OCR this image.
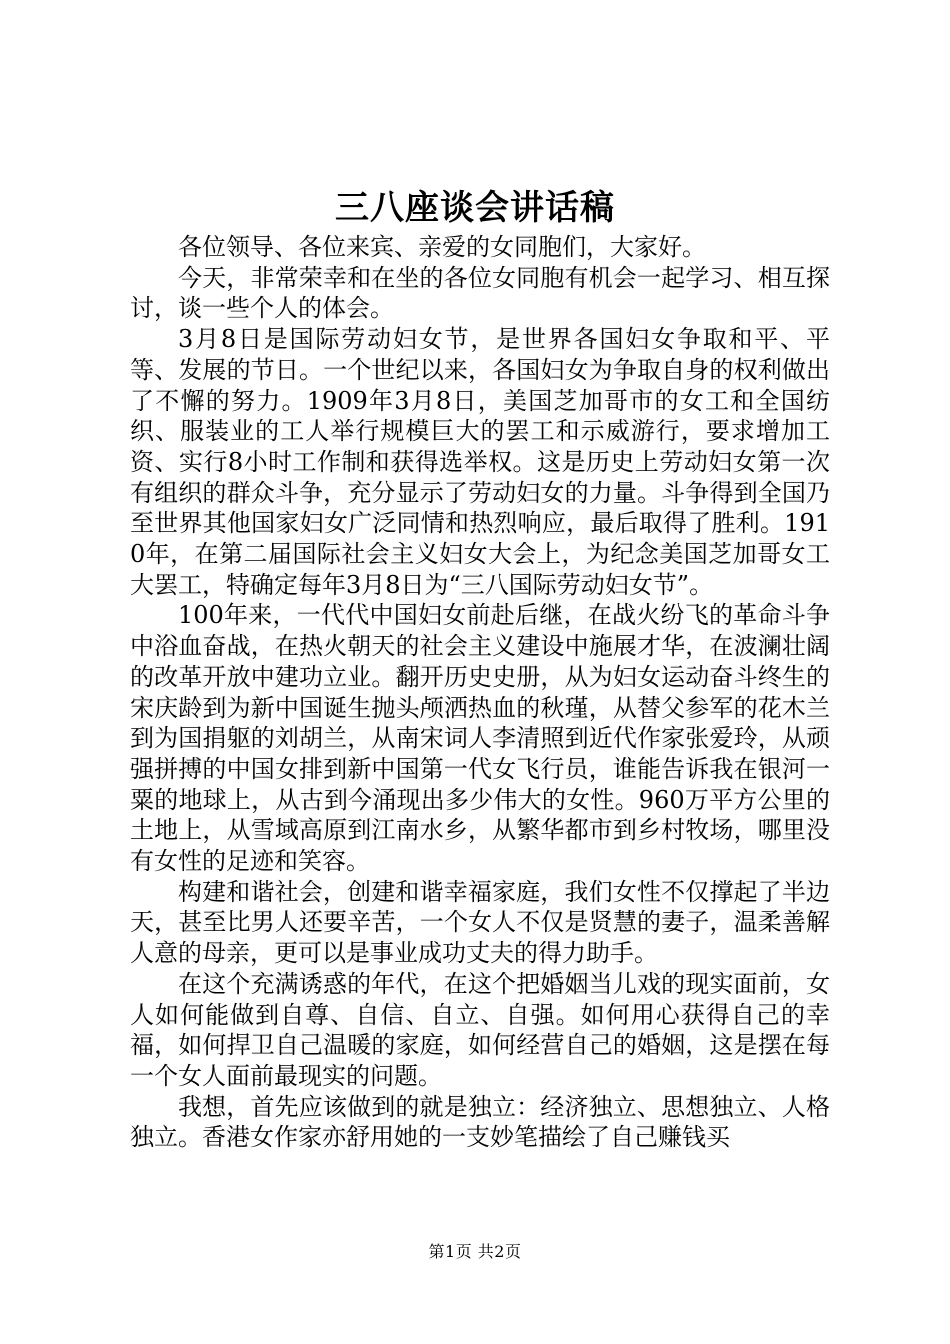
三八座谈会讲话稿

各位领导、各位来宾、亲爱的女同胞们，大家好。

今天，非常荣幸和在坐的各位女同胞有机会一起学习、相互探讨，谈一些个人的体会。

3月8日是国际劳动妇女节，是世界各国妇女争取和平、平等、发展的节日。一个世纪以来，各国妇女为争取自身的权利做出了不懈的努力。1909年3月8日，美国芝加哥市的女工和全国纺织、服装业的工人举行规模巨大的罢工和示威游行，要求增加工资、实行8小时工作制和获得选举权。这是历史上劳动妇女第一次有组织的群众斗争，充分显示了劳动妇女的力量。斗争得到全国乃至世界其他国家妇女广泛同情和热烈响应，最后取得了胜利。1910年，在第二届国际社会主义妇女大会上，为纪念美国芝加哥女工大罢工，特确定每年3月8日为“三八国际劳动妇女节”。

100年来，一代代中国妇女前赴后继，在战火纷飞的革命斗争中浴血奋战，在热火朝天的社会主义建设中施展才华，在波澜壮阔的改革开放中建功立业。翻开历史史册，从为妇女运动奋斗终生的宋庆龄到为新中国诞生抛头颅洒热血的秋瑾，从替父参军的花木兰到为国捐躯的刘胡兰，从南宋词人李清照到近代作家张爱玲，从顽强拼搏的中国女排到新中国第一代女飞行员，谁能告诉我在银河一粟的地球上，从古到今涌现出多少伟大的女性。960万平方公里的土地上，从雪域高原到江南水乡，从繁华都市到乡村牧场，哪里没有女性的足迹和笑容。

构建和谐社会，创建和谐幸福家庭，我们女性不仅撑起了半边天，甚至比男人还要辛苦，一个女人不仅是贤慧的妻子，温柔善解人意的母亲，更可以是事业成功丈夫的得力助手。

在这个充满诱惑的年代，在这个把婚姻当儿戏的现实面前，女人如何能做到自尊、自信、自立、自强。如何用心获得自己的幸福，如何捍卫自己温暖的家庭，如何经营自己的婚姻，这是摆在每一个女人面前最现实的问题。

我想，首先应该做到的就是独立：经济独立、思想独立、人格独立。香港女作家亦舒用她的一支妙笔描绘了自己赚钱买

第1页 共2页
